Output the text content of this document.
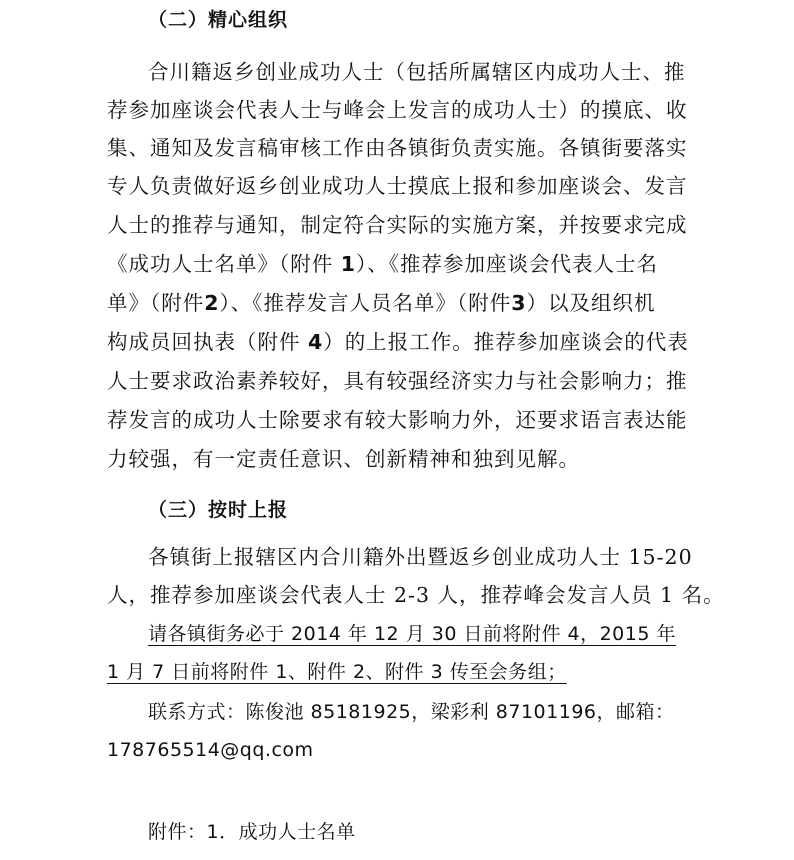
（二）精心组织
合川籍返乡创业成功人士（包括所属辖区内成功人士、推
荐参加座谈会代表人士与峰会上发言的成功人士）的摸底、收
集、通知及发言稿审核工作由各镇街负责实施。各镇街要落实
专人负责做好返乡创业成功人士摸底上报和参加座谈会、发言
人士的推荐与通知，制定符合实际的实施方案，并按要求完成
《成功人士名单》（附件 1）、《推荐参加座谈会代表人士名
单》（附件2）、《推荐发言人员名单》（附件3）以及组织机
构成员回执表（附件 4）的上报工作。推荐参加座谈会的代表
人士要求政治素养较好，具有较强经济实力与社会影响力；推
荐发言的成功人士除要求有较大影响力外，还要求语言表达能
力较强，有一定责任意识、创新精神和独到见解。
（三）按时上报
各镇街上报辖区内合川籍外出暨返乡创业成功人士 15-20
人，推荐参加座谈会代表人士 2-3 人，推荐峰会发言人员 1 名。
请各镇街务必于 2014 年 12 月 30 日前将附件 4，2015 年
1 月 7 日前将附件 1、附件 2、附件 3 传至会务组；
联系方式：陈俊池 85181925，梁彩利 87101196，邮箱：
178765514@qq.com
附件：1．成功人士名单
